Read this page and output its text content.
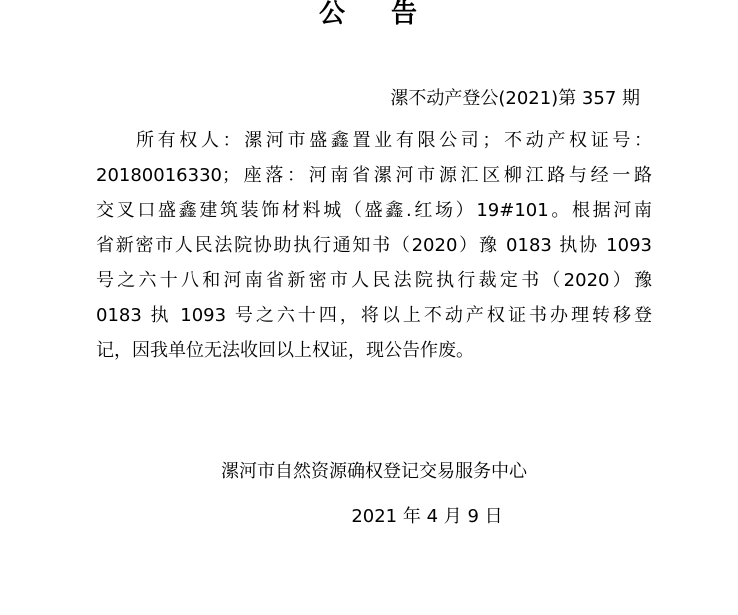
公 告
漯不动产登公(2021)第 357 期
所有权人：漯河市盛鑫置业有限公司；不动产权证号：
20180016330；座落：河南省漯河市源汇区柳江路与经一路
交叉口盛鑫建筑装饰材料城（盛鑫.红场）19#101。根据河南
省新密市人民法院协助执行通知书（2020）豫 0183 执协 1093
号之六十八和河南省新密市人民法院执行裁定书（2020）豫
0183 执 1093 号之六十四，将以上不动产权证书办理转移登
记，因我单位无法收回以上权证，现公告作废。
漯河市自然资源确权登记交易服务中心
2021 年 4 月 9 日
